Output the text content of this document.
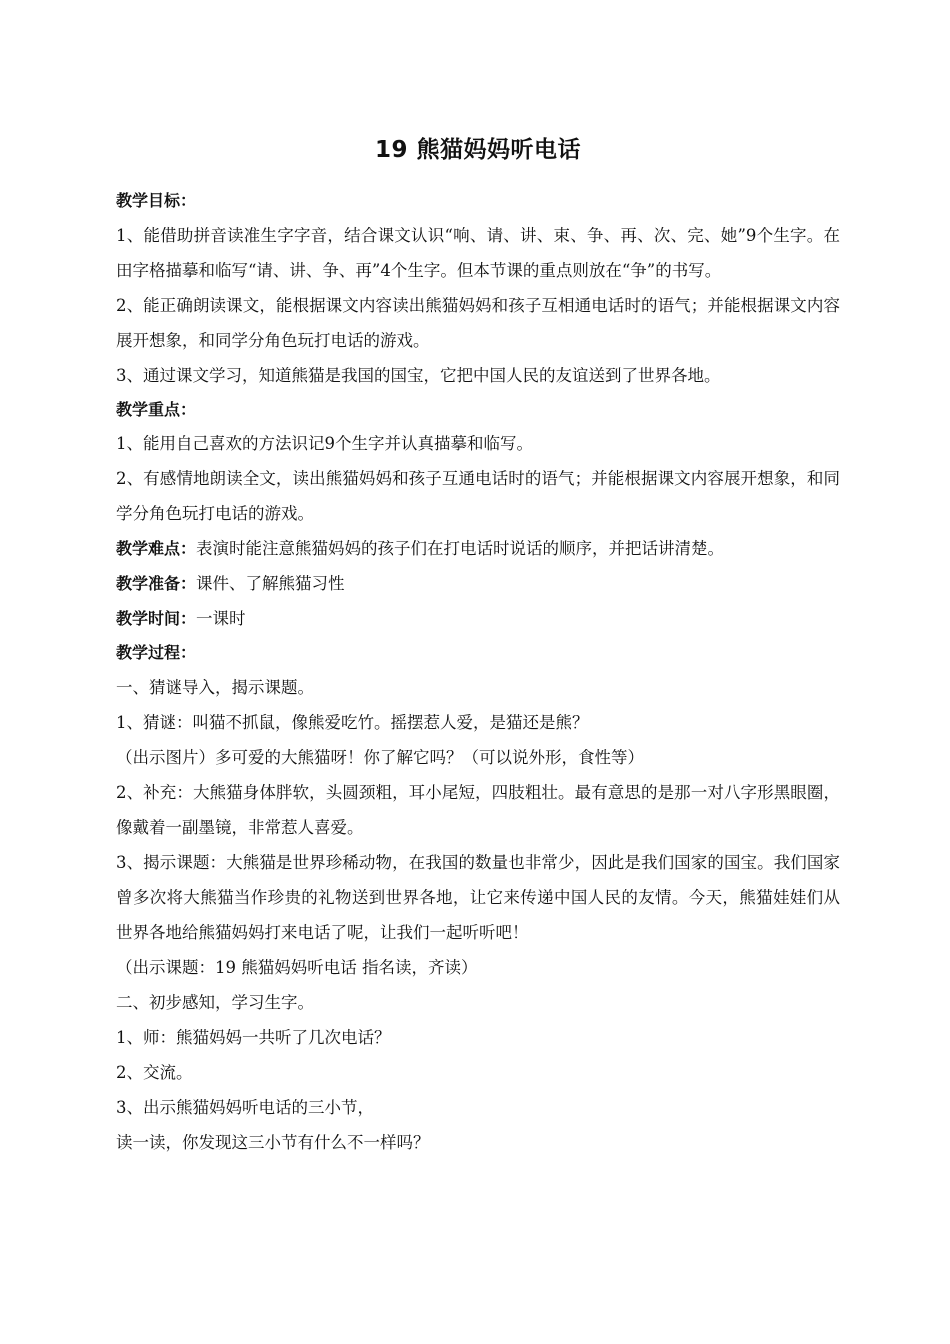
19 熊猫妈妈听电话

教学目标：

1、能借助拼音读准生字字音，结合课文认识“响、请、讲、束、争、再、次、完、她”9个生字。在田字格描摹和临写“请、讲、争、再”4个生字。但本节课的重点则放在“争”的书写。

2、能正确朗读课文，能根据课文内容读出熊猫妈妈和孩子互相通电话时的语气；并能根据课文内容展开想象，和同学分角色玩打电话的游戏。

3、通过课文学习，知道熊猫是我国的国宝，它把中国人民的友谊送到了世界各地。

教学重点：

1、能用自己喜欢的方法识记9个生字并认真描摹和临写。

2、有感情地朗读全文，读出熊猫妈妈和孩子互通电话时的语气；并能根据课文内容展开想象，和同学分角色玩打电话的游戏。

教学难点：表演时能注意熊猫妈妈的孩子们在打电话时说话的顺序，并把话讲清楚。

教学准备：课件、了解熊猫习性

教学时间：一课时

教学过程：

一、猜谜导入，揭示课题。

1、猜谜：叫猫不抓鼠，像熊爱吃竹。摇摆惹人爱，是猫还是熊？

（出示图片）多可爱的大熊猫呀！你了解它吗？（可以说外形，食性等）

2、补充：大熊猫身体胖软，头圆颈粗，耳小尾短，四肢粗壮。最有意思的是那一对八字形黑眼圈，像戴着一副墨镜，非常惹人喜爱。

3、揭示课题：大熊猫是世界珍稀动物，在我国的数量也非常少，因此是我们国家的国宝。我们国家曾多次将大熊猫当作珍贵的礼物送到世界各地，让它来传递中国人民的友情。今天，熊猫娃娃们从世界各地给熊猫妈妈打来电话了呢，让我们一起听听吧！

（出示课题：19 熊猫妈妈听电话 指名读，齐读）

二、初步感知，学习生字。

1、师：熊猫妈妈一共听了几次电话？

2、交流。

3、出示熊猫妈妈听电话的三小节，

读一读，你发现这三小节有什么不一样吗？
